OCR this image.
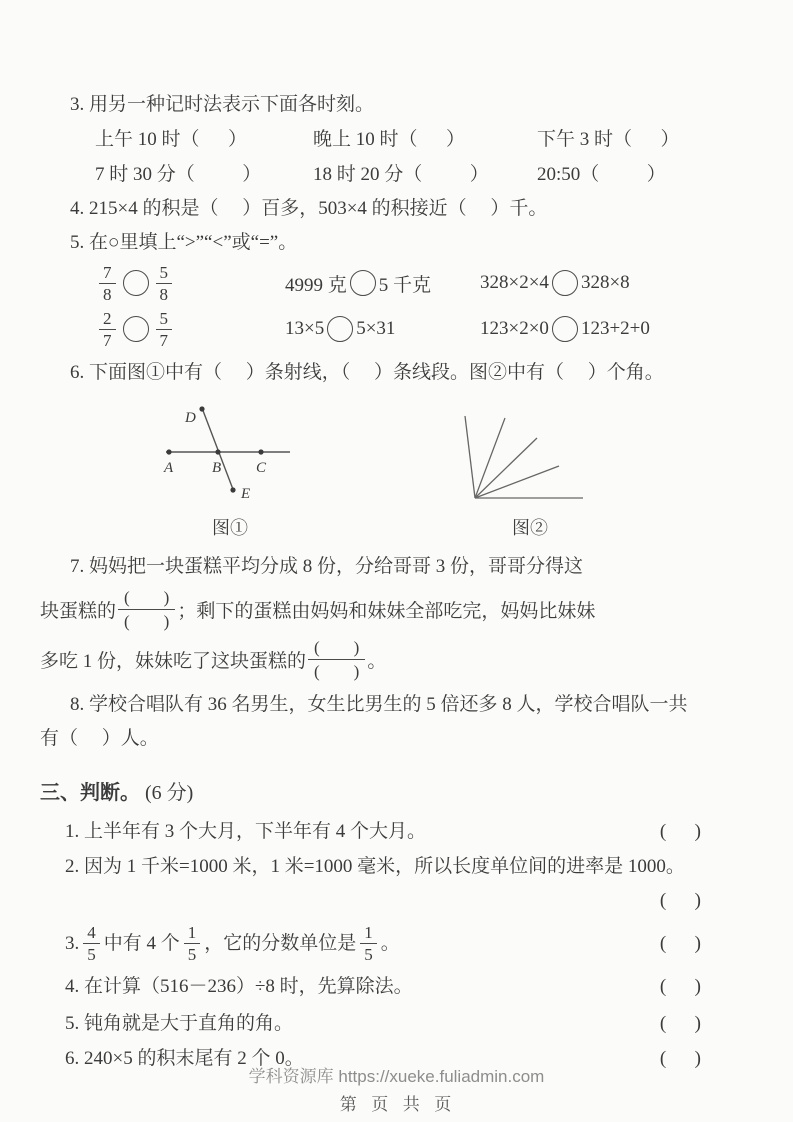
3. 用另一种记时法表示下面各时刻。
上午 10 时（      ）	晚上 10 时（      ）	下午 3 时（      ）
7 时 30 分（          ）	18 时 20 分（          ）	20:50（          ）
4. 215×4 的积是（     ）百多，503×4 的积接近（     ）千。
5. 在○里填上“>”“<”或“=”。
$\frac{7}{8} \frac{5}{8}$	4999 克 5 千克	328×2×4 328×8
$\frac{2}{7} \frac{5}{7}$	13×5 5×31	123×2×0 123+2+0
6. 下面图①中有（     ）条射线，（     ）条线段。图②中有（     ）个角。
D
A	B C
E
图①	图②
7. 妈妈把一块蛋糕平均分成 8 份，分给哥哥 3 份，哥哥分得这
块蛋糕的 $\frac{( )}{( )}$ ；剩下的蛋糕由妈妈和妹妹全部吃完，妈妈比妹妹
多吃 1 份，妹妹吃了这块蛋糕的 $\frac{( )}{( )}$ 。
8. 学校合唱队有 36 名男生，女生比男生的 5 倍还多 8 人，学校合唱队一共
有（     ）人。
三、判断。 (6 分)
1. 上半年有 3 个大月，下半年有 4 个大月。	(      )
2. 因为 1 千米=1000 米，1 米=1000 毫米，所以长度单位间的进率是 1000。
(      )
3. $\frac{4}{5}$ 中有 4 个 $\frac{1}{5}$ ，它的分数单位是 $\frac{1}{5}$ 。	(      )
4. 在计算（516－236）÷8 时，先算除法。	(      )
5. 钝角就是大于直角的角。	(      )
6. 240×5 的积末尾有 2 个 0。	(      )
学科资源库 https://xueke.fuliadmin.com
第  页  共  页
